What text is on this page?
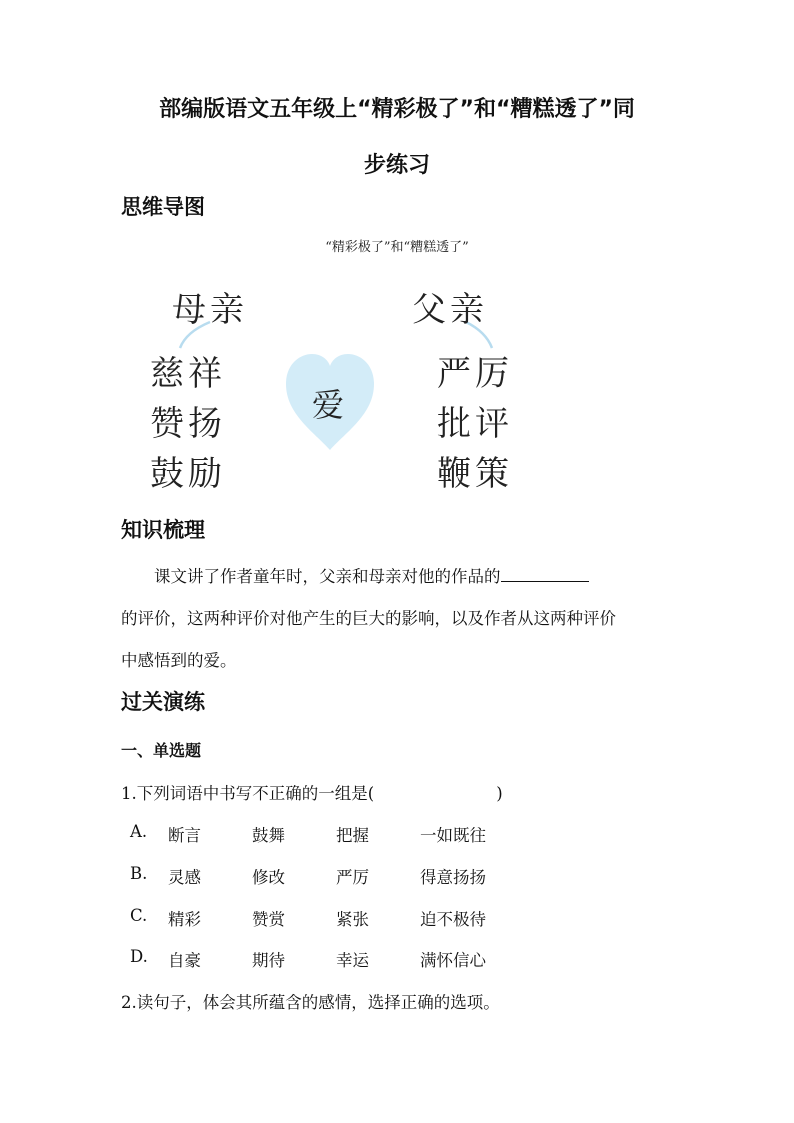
部编版语文五年级上“精彩极了”和“糟糕透了”同
步练习
思维导图
“精彩极了”和“糟糕透了”
母亲	父亲
慈祥
赞扬
鼓励
严厉
批评
鞭策
爱
知识梳理
课文讲了作者童年时，父亲和母亲对他的作品的
的评价，这两种评价对他产生的巨大的影响，以及作者从这两种评价
中感悟到的爱。
过关演练
一、单选题
1.下列词语中书写不正确的一组是(	)
A. 断言	鼓舞	把握	一如既往
B. 灵感	修改	严厉	得意扬扬
C. 精彩	赞赏	紧张	迫不极待
D. 自豪	期待	幸运	满怀信心
2.读句子，体会其所蕴含的感情，选择正确的选项。
